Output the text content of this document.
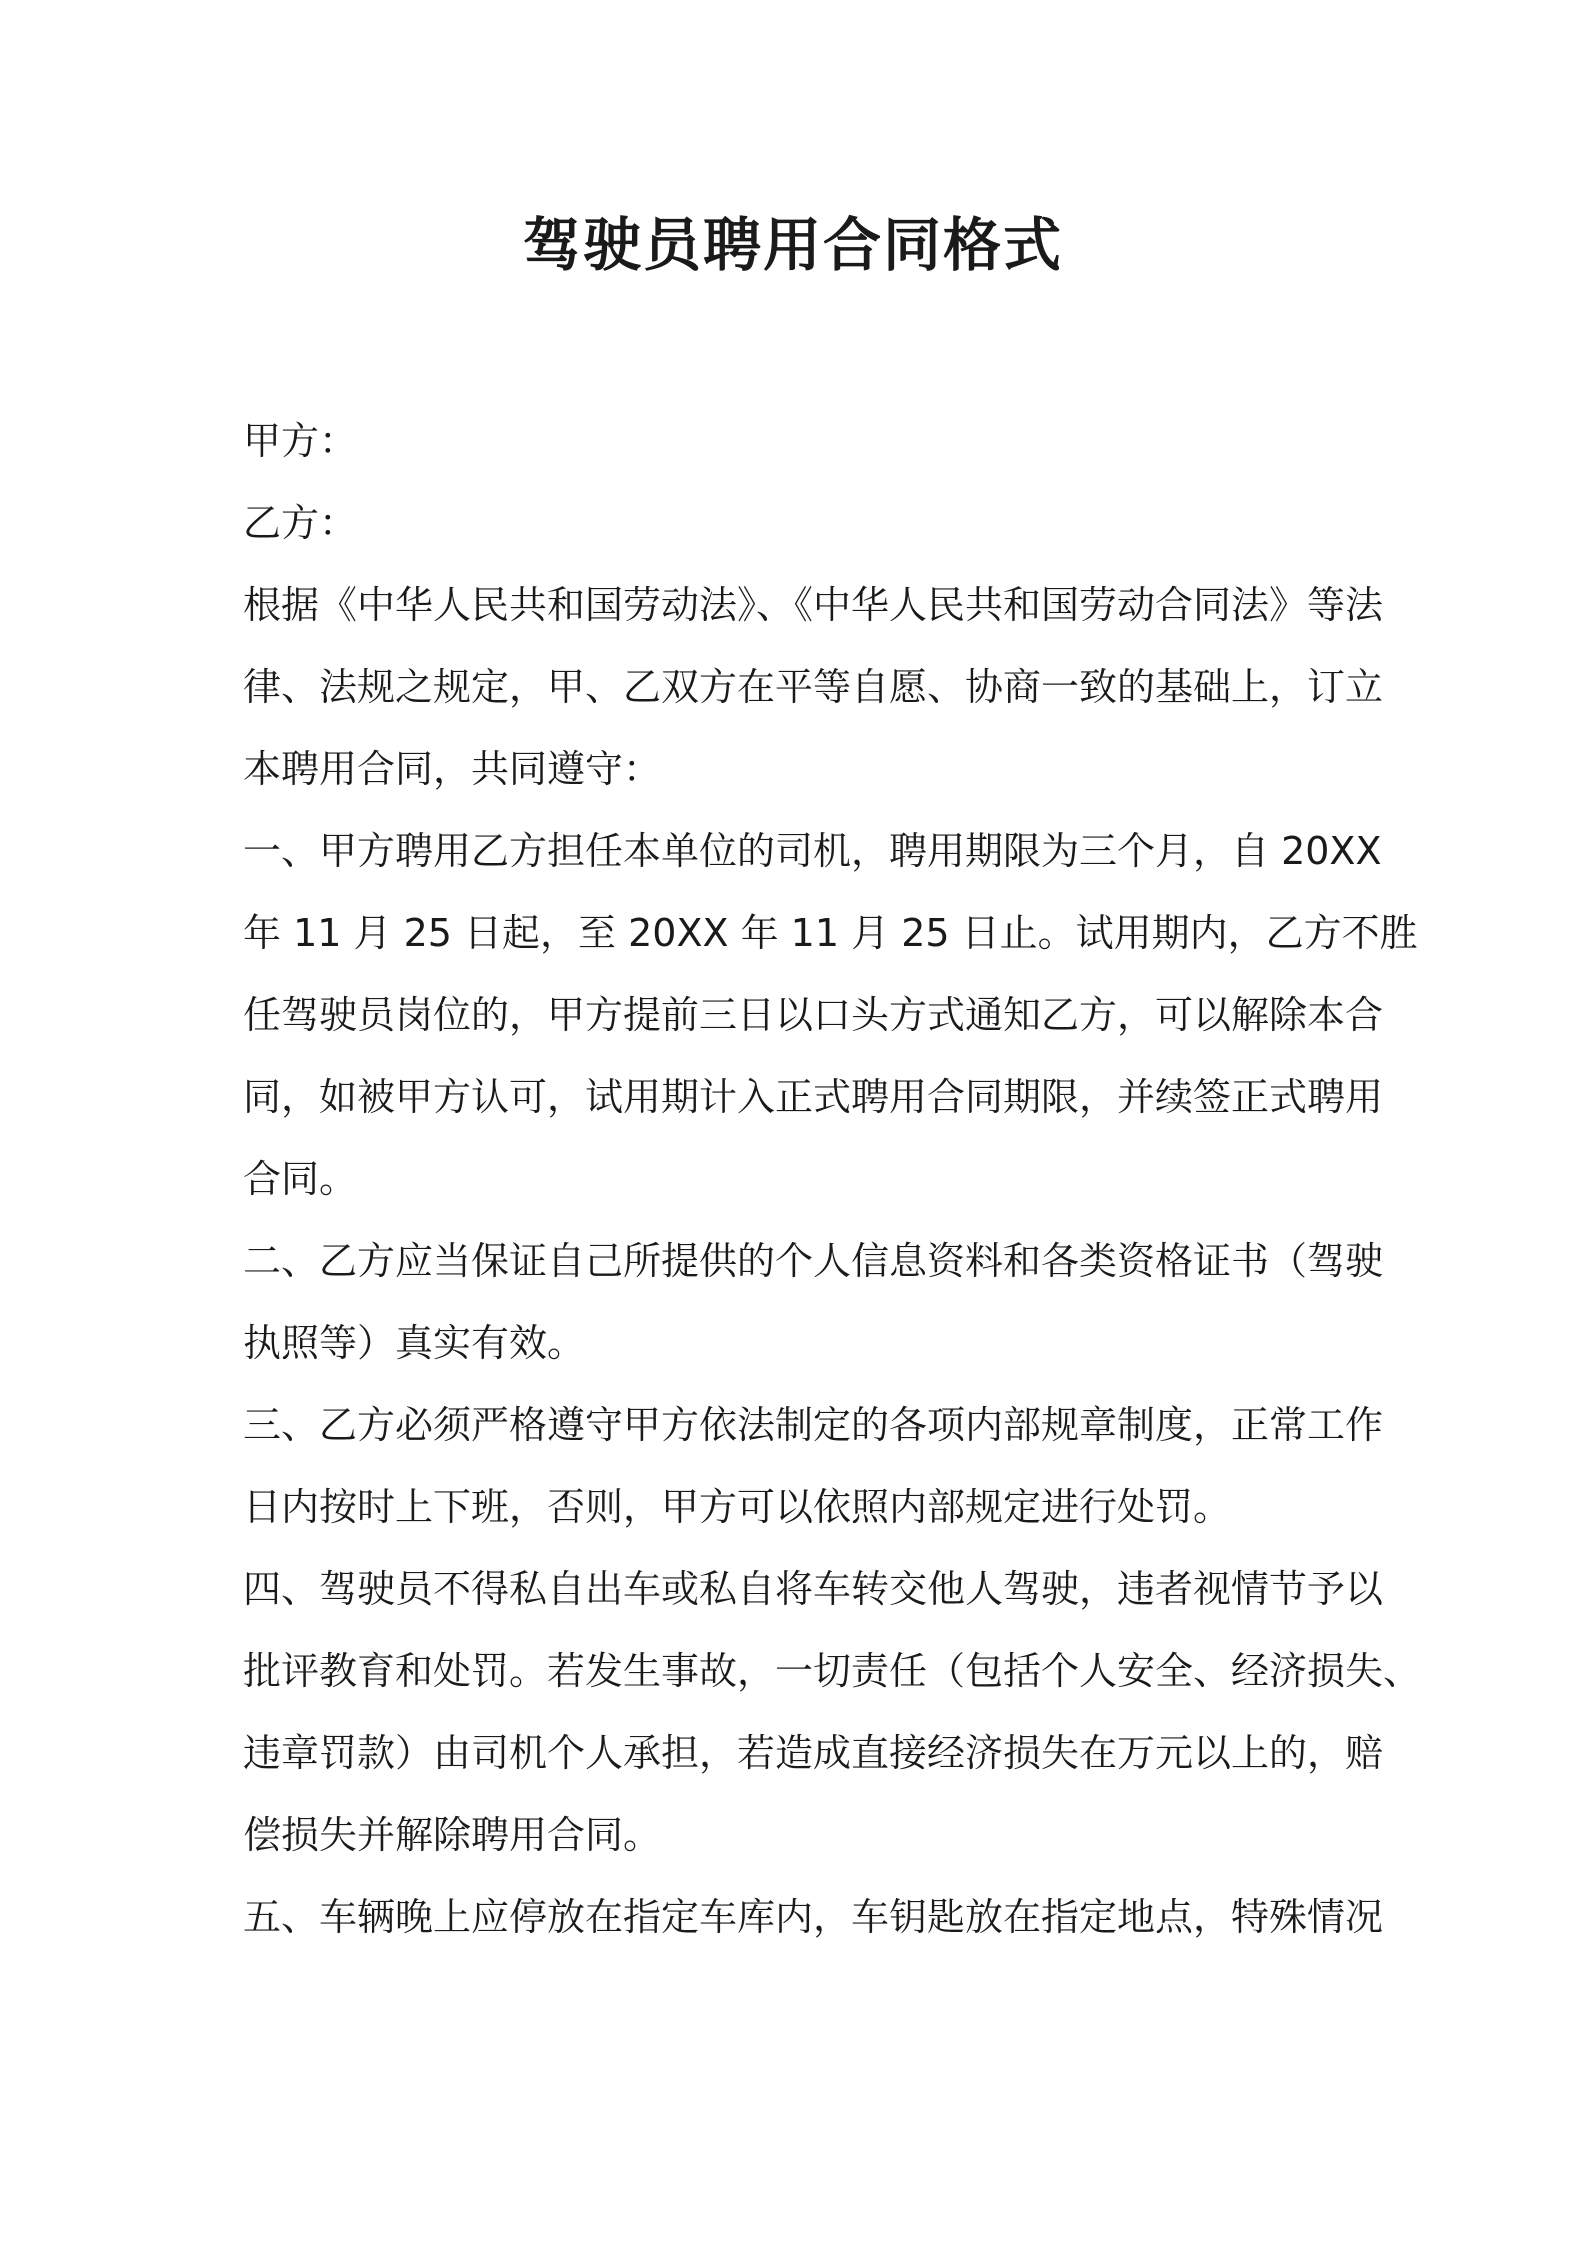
驾驶员聘用合同格式
甲方：
乙方：
根据《中华人民共和国劳动法》、《中华人民共和国劳动合同法》等法
律、法规之规定，甲、乙双方在平等自愿、协商一致的基础上，订立
本聘用合同，共同遵守：
一、甲方聘用乙方担任本单位的司机，聘用期限为三个月，自 20XX
年 11 月 25 日起，至 20XX 年 11 月 25 日止。试用期内，乙方不胜
任驾驶员岗位的，甲方提前三日以口头方式通知乙方，可以解除本合
同，如被甲方认可，试用期计入正式聘用合同期限，并续签正式聘用
合同。
二、乙方应当保证自己所提供的个人信息资料和各类资格证书（驾驶
执照等）真实有效。
三、乙方必须严格遵守甲方依法制定的各项内部规章制度，正常工作
日内按时上下班，否则，甲方可以依照内部规定进行处罚。
四、驾驶员不得私自出车或私自将车转交他人驾驶，违者视情节予以
批评教育和处罚。若发生事故，一切责任（包括个人安全、经济损失、
违章罚款）由司机个人承担，若造成直接经济损失在万元以上的，赔
偿损失并解除聘用合同。
五、车辆晚上应停放在指定车库内，车钥匙放在指定地点，特殊情况
